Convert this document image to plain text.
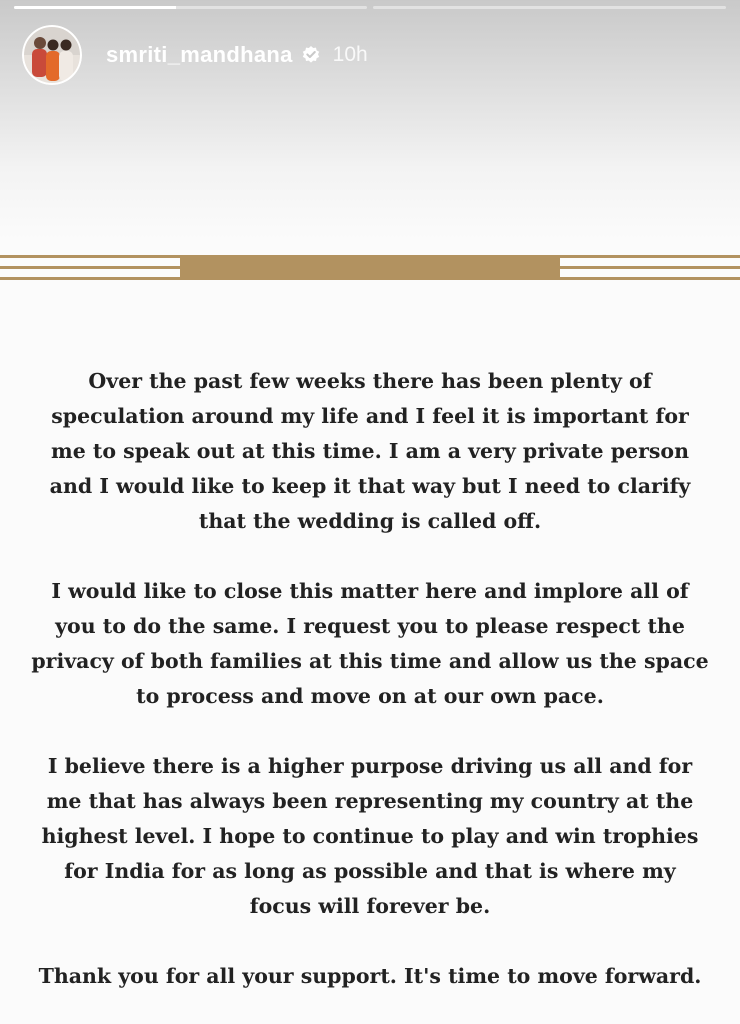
smriti_mandhana 10h

Over the past few weeks there has been plenty of
speculation around my life and I feel it is important for
me to speak out at this time. I am a very private person
and I would like to keep it that way but I need to clarify
that the wedding is called off.

I would like to close this matter here and implore all of
you to do the same. I request you to please respect the
privacy of both families at this time and allow us the space
to process and move on at our own pace.

I believe there is a higher purpose driving us all and for
me that has always been representing my country at the
highest level. I hope to continue to play and win trophies
for India for as long as possible and that is where my
focus will forever be.

Thank you for all your support. It's time to move forward.
